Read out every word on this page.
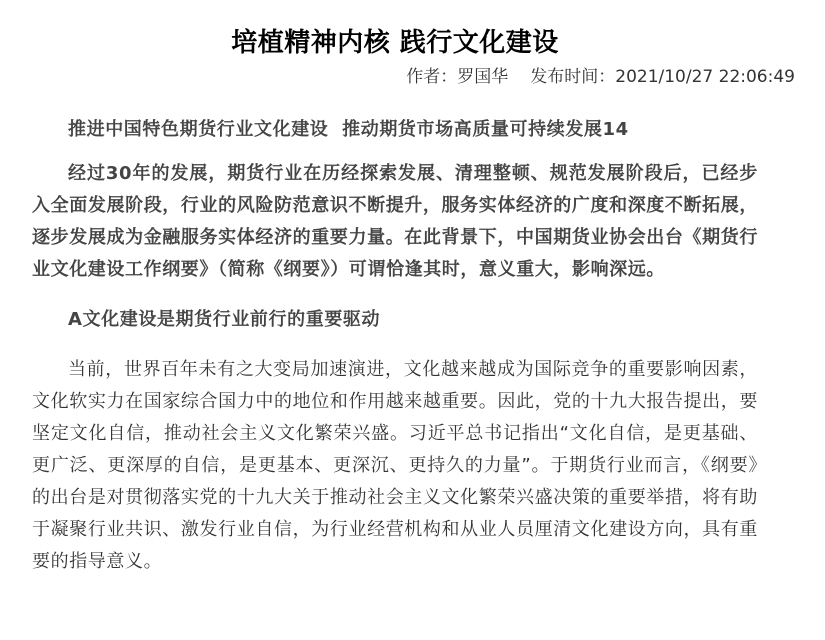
培植精神内核 践行文化建设
作者：罗国华 发布时间：2021/10/27 22:06:49

推进中国特色期货行业文化建设  推动期货市场高质量可持续发展14

经过30年的发展，期货行业在历经探索发展、清理整顿、规范发展阶段后，已经步入全面发展阶段，行业的风险防范意识不断提升，服务实体经济的广度和深度不断拓展，逐步发展成为金融服务实体经济的重要力量。在此背景下，中国期货业协会出台《期货行业文化建设工作纲要》（简称《纲要》）可谓恰逢其时，意义重大，影响深远。

A文化建设是期货行业前行的重要驱动

当前，世界百年未有之大变局加速演进，文化越来越成为国际竞争的重要影响因素，文化软实力在国家综合国力中的地位和作用越来越重要。因此，党的十九大报告提出，要坚定文化自信，推动社会主义文化繁荣兴盛。习近平总书记指出“文化自信，是更基础、更广泛、更深厚的自信，是更基本、更深沉、更持久的力量”。于期货行业而言，《纲要》的出台是对贯彻落实党的十九大关于推动社会主义文化繁荣兴盛决策的重要举措，将有助于凝聚行业共识、激发行业自信，为行业经营机构和从业人员厘清文化建设方向，具有重要的指导意义。
